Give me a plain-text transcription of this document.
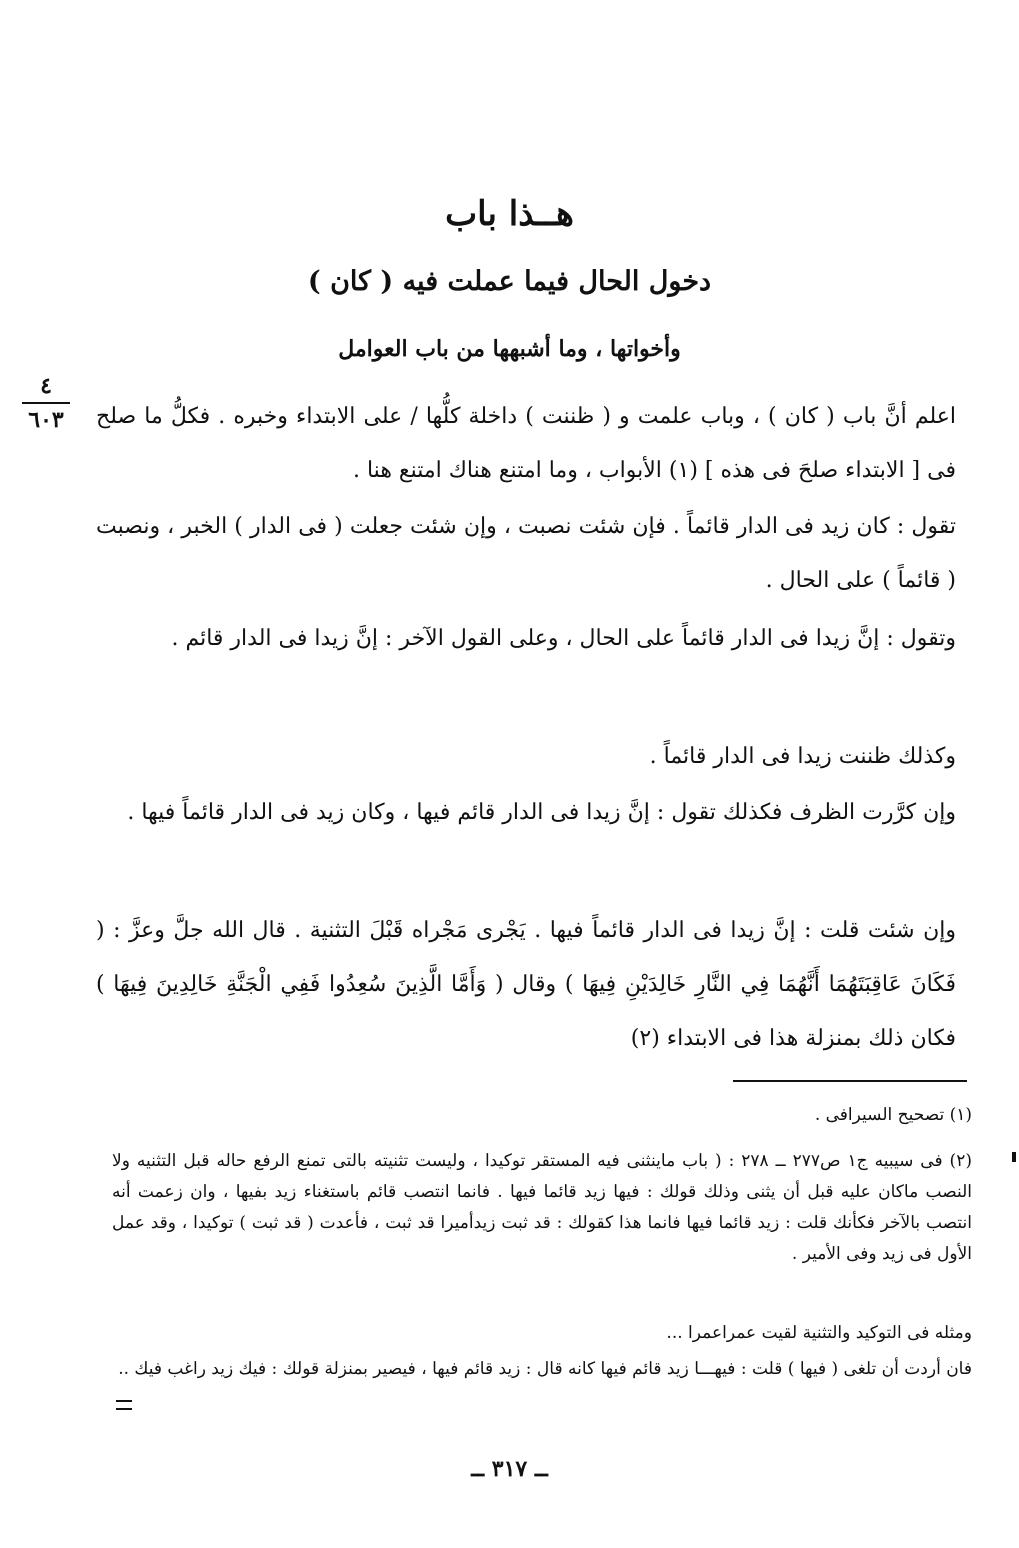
هــذا باب
دخول الحال فيما عملت فيه ( كان )
وأخواتها ، وما أشبهها من باب العوامل
٤
٦٠٣	اعلم أنَّ باب ( كان ) ، وباب علمت و ( ظننت ) داخلة كلُّها / على الابتداء وخبره . فكلُّ ما صلح فى [ الابتداء صلحَ فى هذه ] (١) الأبواب ، وما امتنع هناك امتنع هنا .
تقول : كان زيد فى الدار قائماً . فإن شئت نصبت ، وإن شئت جعلت ( فى الدار ) الخبر ، ونصبت ( قائماً ) على الحال .
وتقول : إنَّ زيدا فى الدار قائماً على الحال ، وعلى القول الآخر : إنَّ زيدا فى الدار قائم .
وكذلك ظننت زيدا فى الدار قائماً .
وإن كرَّرت الظرف فكذلك تقول : إنَّ زيدا فى الدار قائم فيها ، وكان زيد فى الدار قائماً فيها .
وإن شئت قلت : إنَّ زيدا فى الدار قائماً فيها . يَجْرى مَجْراه قَبْلَ التثنية . قال الله جلَّ وعزَّ : ( فَكَانَ عَاقِبَتَهُمَا أَنَّهُمَا فِي النَّارِ خَالِدَيْنِ فِيهَا ) وقال ( وَأَمَّا الَّذِينَ سُعِدُوا فَفِي الْجَنَّةِ خَالِدِينَ فِيهَا ) فكان ذلك بمنزلة هذا فى الابتداء (٢)
(١) تصحيح السيرافى .
(٢) فى سيبيه ج١ ص٢٧٧ ــ ٢٧٨ : ( باب ماينثنى فيه المستقر توكيدا ، وليست تثنيته بالتى تمنع الرفع حاله قبل التثنيه ولا النصب ماكان عليه قبل أن يثنى وذلك قولك : فيها زيد قائما فيها . فانما انتصب قائم باستغناء زيد بفيها ، وان زعمت أنه انتصب بالآخر فكأنك قلت : زيد قائما فيها فانما هذا كقولك : قد ثبت زيدأميرا قد ثبت ، فأعدت ( قد ثبت ) توكيدا ، وقد عمل الأول فى زيد وفى الأمير .
ومثله فى التوكيد والتثنية لقيت عمراعمرا ...
فان أردت أن تلغى ( فيها ) قلت : فيهـــا زيد قائم فيها كانه قال : زيد قائم فيها ، فيصير بمنزلة قولك : فيك زيد راغب فيك ..
ــ ٣١٧ ــ
